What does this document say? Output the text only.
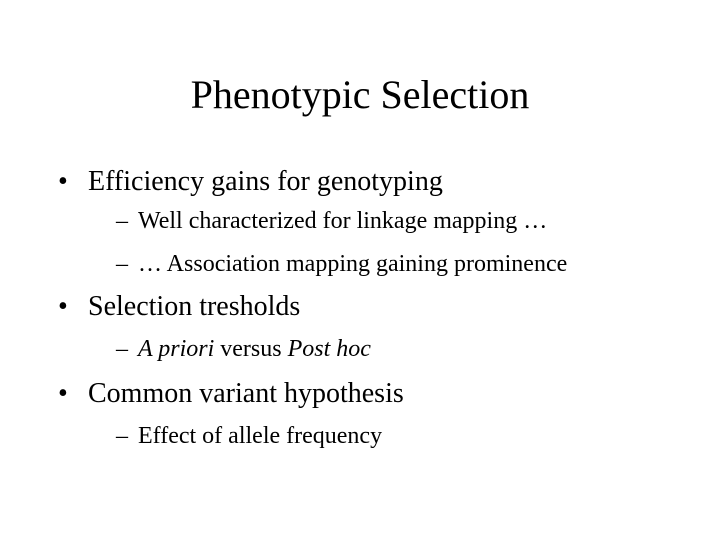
Phenotypic Selection
• Efficiency gains for genotyping
– Well characterized for linkage mapping …
– … Association mapping gaining prominence
• Selection tresholds
– A priori versus Post hoc
• Common variant hypothesis
– Effect of allele frequency
